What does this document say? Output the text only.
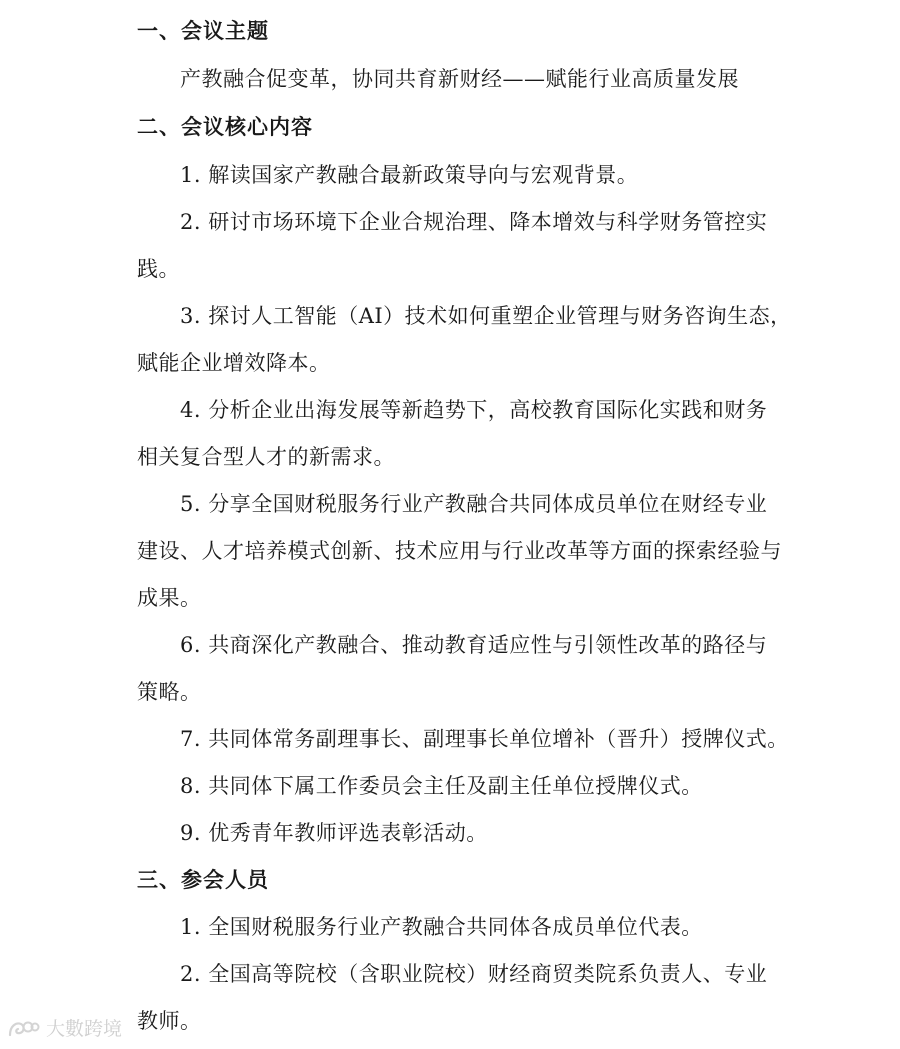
一、会议主题
产教融合促变革，协同共育新财经——赋能行业高质量发展
二、会议核心内容
1. 解读国家产教融合最新政策导向与宏观背景。
2. 研讨市场环境下企业合规治理、降本增效与科学财务管控实
践。
3. 探讨人工智能（AI）技术如何重塑企业管理与财务咨询生态，
赋能企业增效降本。
4. 分析企业出海发展等新趋势下，高校教育国际化实践和财务
相关复合型人才的新需求。
5. 分享全国财税服务行业产教融合共同体成员单位在财经专业
建设、人才培养模式创新、技术应用与行业改革等方面的探索经验与
成果。
6. 共商深化产教融合、推动教育适应性与引领性改革的路径与
策略。
7. 共同体常务副理事长、副理事长单位增补（晋升）授牌仪式。
8. 共同体下属工作委员会主任及副主任单位授牌仪式。
9. 优秀青年教师评选表彰活动。
三、参会人员
1. 全国财税服务行业产教融合共同体各成员单位代表。
2. 全国高等院校（含职业院校）财经商贸类院系负责人、专业
教师。
大數跨境
